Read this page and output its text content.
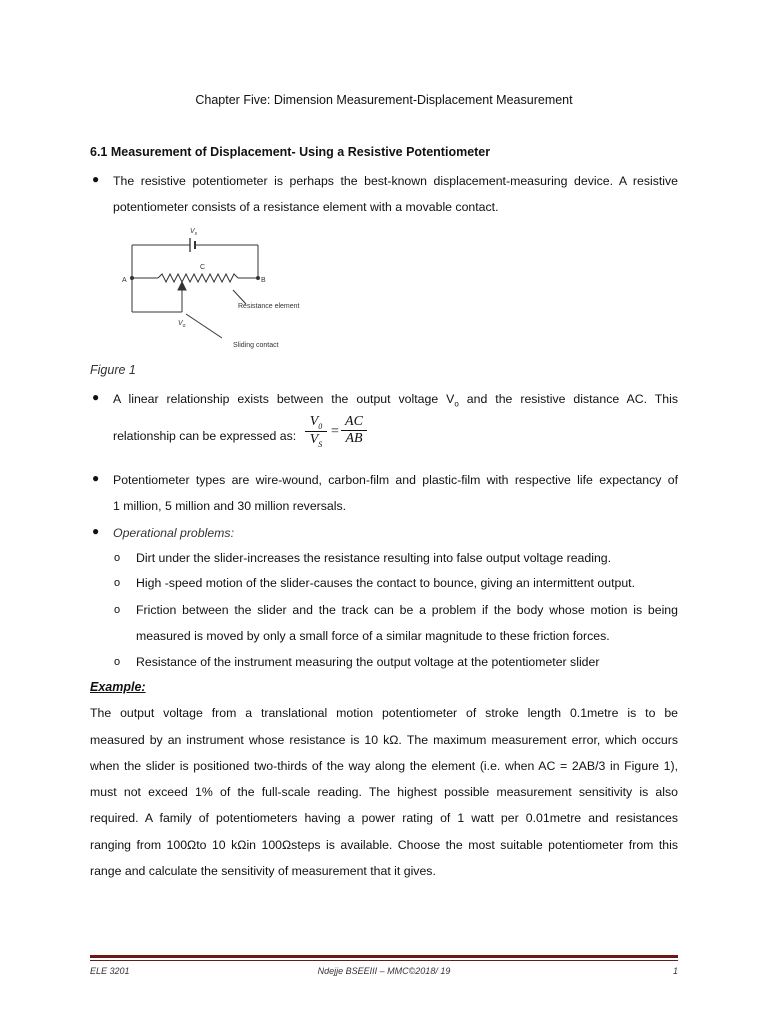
Chapter Five: Dimension Measurement-Displacement Measurement
6.1 Measurement of Displacement- Using a Resistive Potentiometer
● The resistive potentiometer is perhaps the best-known displacement-measuring device. A resistive
potentiometer consists of a resistance element with a movable contact.
$V_s$
C
A	B
$V_o$
Resistance element
Sliding contact
Figure 1
● A linear relationship exists between the output voltage $V_o$ and the resistive distance AC. This
relationship can be expressed as: $\frac{V_0}{V_S} = \frac{AC}{AB}$
● Potentiometer types are wire-wound, carbon-film and plastic-film with respective life expectancy of
1 million, 5 million and 30 million reversals.
● Operational problems:
o Dirt under the slider-increases the resistance resulting into false output voltage reading.
o High -speed motion of the slider-causes the contact to bounce, giving an intermittent output.
o Friction between the slider and the track can be a problem if the body whose motion is being
measured is moved by only a small force of a similar magnitude to these friction forces.
o Resistance of the instrument measuring the output voltage at the potentiometer slider
Example:
The output voltage from a translational motion potentiometer of stroke length 0.1metre is to be
measured by an instrument whose resistance is 10 kΩ. The maximum measurement error, which occurs
when the slider is positioned two-thirds of the way along the element (i.e. when AC = 2AB/3 in Figure 1),
must not exceed 1% of the full-scale reading. The highest possible measurement sensitivity is also
required. A family of potentiometers having a power rating of 1 watt per 0.01metre and resistances
ranging from 100Ωto 10 kΩin 100Ωsteps is available. Choose the most suitable potentiometer from this
range and calculate the sensitivity of measurement that it gives.
ELE 3201	Ndejje BSEEIII – MMC©2018/ 19	1
